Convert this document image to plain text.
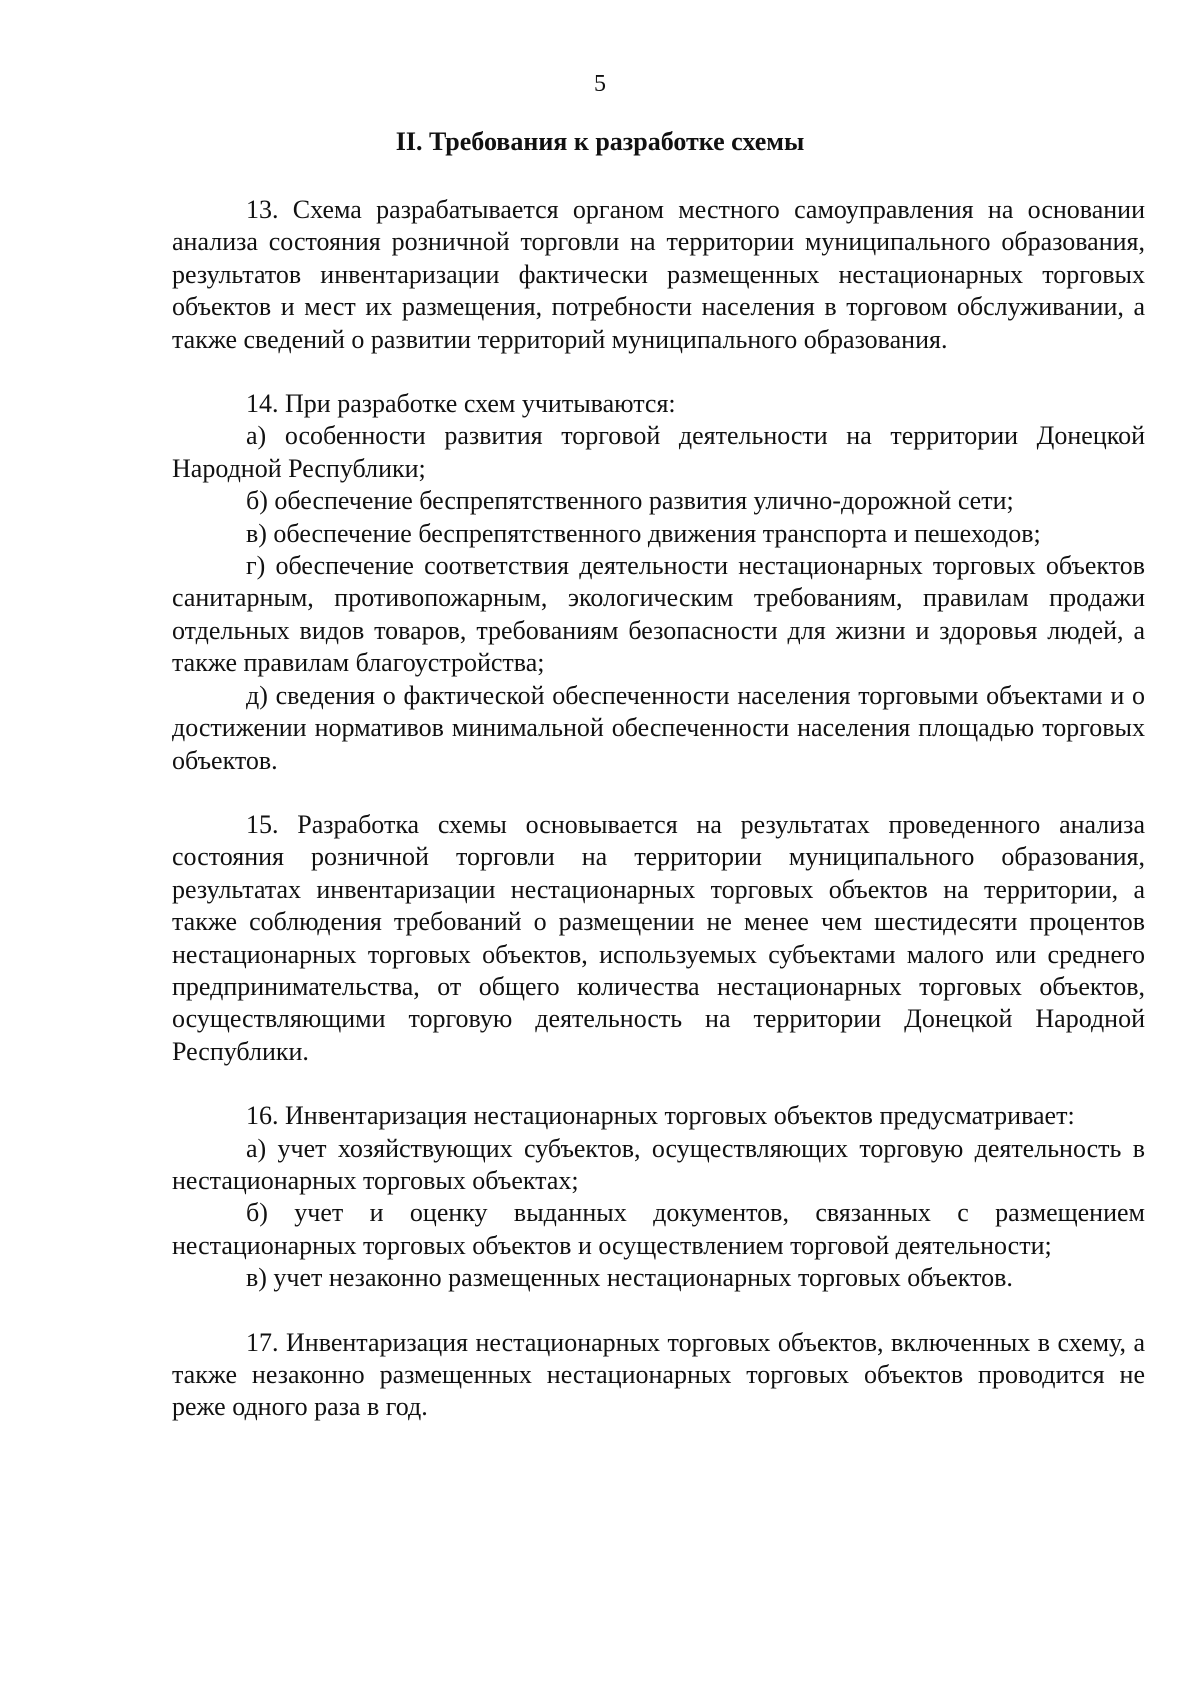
5
II. Требования к разработке схемы

13. Схема разрабатывается органом местного самоуправления на основании анализа состояния розничной торговли на территории муниципального образования, результатов инвентаризации фактически размещенных нестационарных торговых объектов и мест их размещения, потребности населения в торговом обслуживании, а также сведений о развитии территорий муниципального образования.

14. При разработке схем учитываются:

а) особенности развития торговой деятельности на территории Донецкой Народной Республики;

б) обеспечение беспрепятственного развития улично-дорожной сети;

в) обеспечение беспрепятственного движения транспорта и пешеходов;

г) обеспечение соответствия деятельности нестационарных торговых объектов санитарным, противопожарным, экологическим требованиям, правилам продажи отдельных видов товаров, требованиям безопасности для жизни и здоровья людей, а также правилам благоустройства;

д) сведения о фактической обеспеченности населения торговыми объектами и о достижении нормативов минимальной обеспеченности населения площадью торговых объектов.

15. Разработка схемы основывается на результатах проведенного анализа состояния розничной торговли на территории муниципального образования, результатах инвентаризации нестационарных торговых объектов на территории, а также соблюдения требований о размещении не менее чем шестидесяти процентов нестационарных торговых объектов, используемых субъектами малого или среднего предпринимательства, от общего количества нестационарных торговых объектов, осуществляющими торговую деятельность на территории Донецкой Народной Республики.

16. Инвентаризация нестационарных торговых объектов предусматривает:

а) учет хозяйствующих субъектов, осуществляющих торговую деятельность в нестационарных торговых объектах;

б) учет и оценку выданных документов, связанных с размещением нестационарных торговых объектов и осуществлением торговой деятельности;

в) учет незаконно размещенных нестационарных торговых объектов.

17. Инвентаризация нестационарных торговых объектов, включенных в схему, а также незаконно размещенных нестационарных торговых объектов проводится не реже одного раза в год.
